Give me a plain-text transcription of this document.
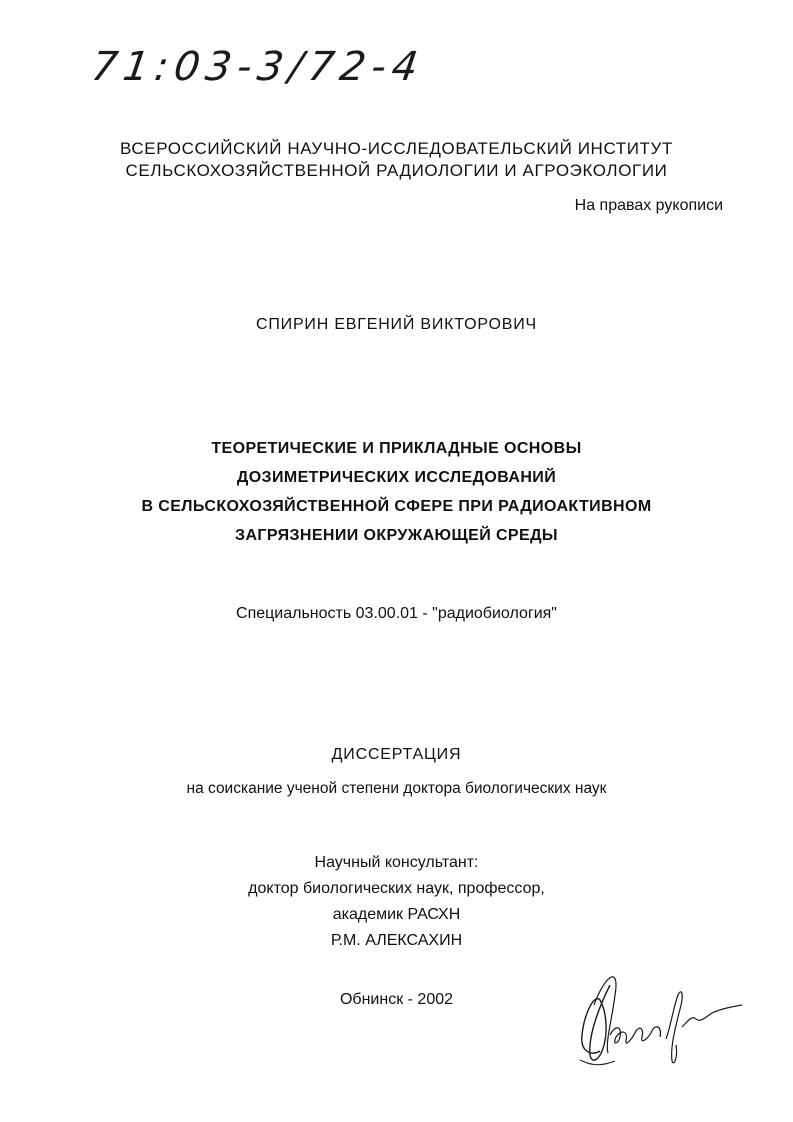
71:03-3/72-4
ВСЕРОССИЙСКИЙ НАУЧНО-ИССЛЕДОВАТЕЛЬСКИЙ ИНСТИТУТ
СЕЛЬСКОХОЗЯЙСТВЕННОЙ РАДИОЛОГИИ И АГРОЭКОЛОГИИ
На правах рукописи
СПИРИН ЕВГЕНИЙ ВИКТОРОВИЧ
ТЕОРЕТИЧЕСКИЕ И ПРИКЛАДНЫЕ ОСНОВЫ
ДОЗИМЕТРИЧЕСКИХ ИССЛЕДОВАНИЙ
В СЕЛЬСКОХОЗЯЙСТВЕННОЙ СФЕРЕ ПРИ РАДИОАКТИВНОМ
ЗАГРЯЗНЕНИИ ОКРУЖАЮЩЕЙ СРЕДЫ
Специальность 03.00.01 - "радиобиология"
ДИССЕРТАЦИЯ
на соискание ученой степени доктора биологических наук
Научный консультант:
доктор биологических наук, профессор,
академик РАСХН
Р.М. АЛЕКСАХИН
Обнинск - 2002
